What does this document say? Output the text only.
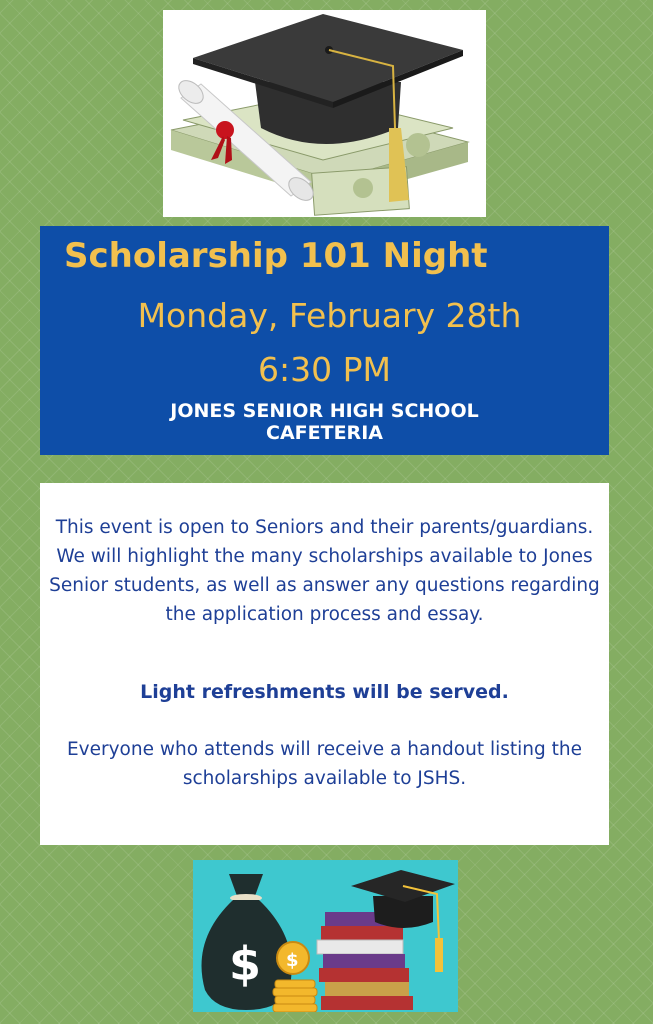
Scholarship 101 Night
Monday, February 28th
6:30 PM
JONES SENIOR HIGH SCHOOL
CAFETERIA

This event is open to Seniors and their parents/guardians. We will highlight the many scholarships available to Jones Senior students, as well as answer any questions regarding the application process and essay.

Light refreshments will be served.

Everyone who attends will receive a handout listing the scholarships available to JSHS.

$ $
